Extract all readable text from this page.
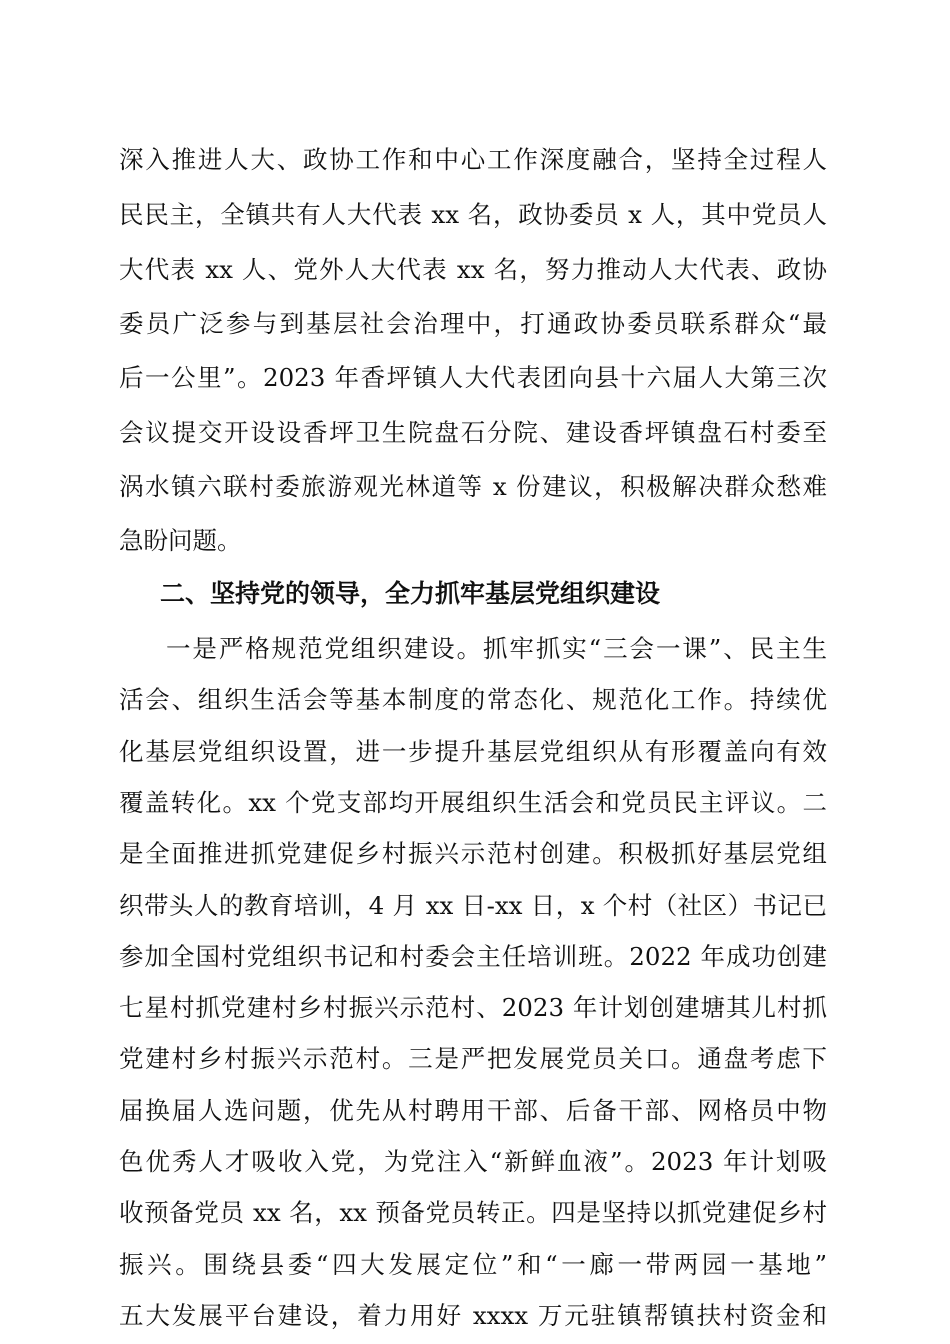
深入推进人大、政协工作和中心工作深度融合，坚持全过程人
民民主，全镇共有人大代表 xx 名，政协委员 x 人，其中党员人
大代表 xx 人、党外人大代表 xx 名，努力推动人大代表、政协
委员广泛参与到基层社会治理中，打通政协委员联系群众“最
后一公里”。2023 年香坪镇人大代表团向县十六届人大第三次
会议提交开设设香坪卫生院盘石分院、建设香坪镇盘石村委至
涡水镇六联村委旅游观光林道等 x 份建议，积极解决群众愁难
急盼问题。
二、坚持党的领导，全力抓牢基层党组织建设
一是严格规范党组织建设。抓牢抓实“三会一课”、民主生
活会、组织生活会等基本制度的常态化、规范化工作。持续优
化基层党组织设置，进一步提升基层党组织从有形覆盖向有效
覆盖转化。xx 个党支部均开展组织生活会和党员民主评议。二
是全面推进抓党建促乡村振兴示范村创建。积极抓好基层党组
织带头人的教育培训，4 月 xx 日-xx 日，x 个村（社区）书记已
参加全国村党组织书记和村委会主任培训班。2022 年成功创建
七星村抓党建村乡村振兴示范村、2023 年计划创建塘其儿村抓
党建村乡村振兴示范村。三是严把发展党员关口。通盘考虑下
届换届人选问题，优先从村聘用干部、后备干部、网格员中物
色优秀人才吸收入党，为党注入“新鲜血液”。2023 年计划吸
收预备党员 xx 名，xx 预备党员转正。四是坚持以抓党建促乡村
振兴。围绕县委“四大发展定位”和“一廊一带两园一基地”
五大发展平台建设，着力用好 xxxx 万元驻镇帮镇扶村资金和
